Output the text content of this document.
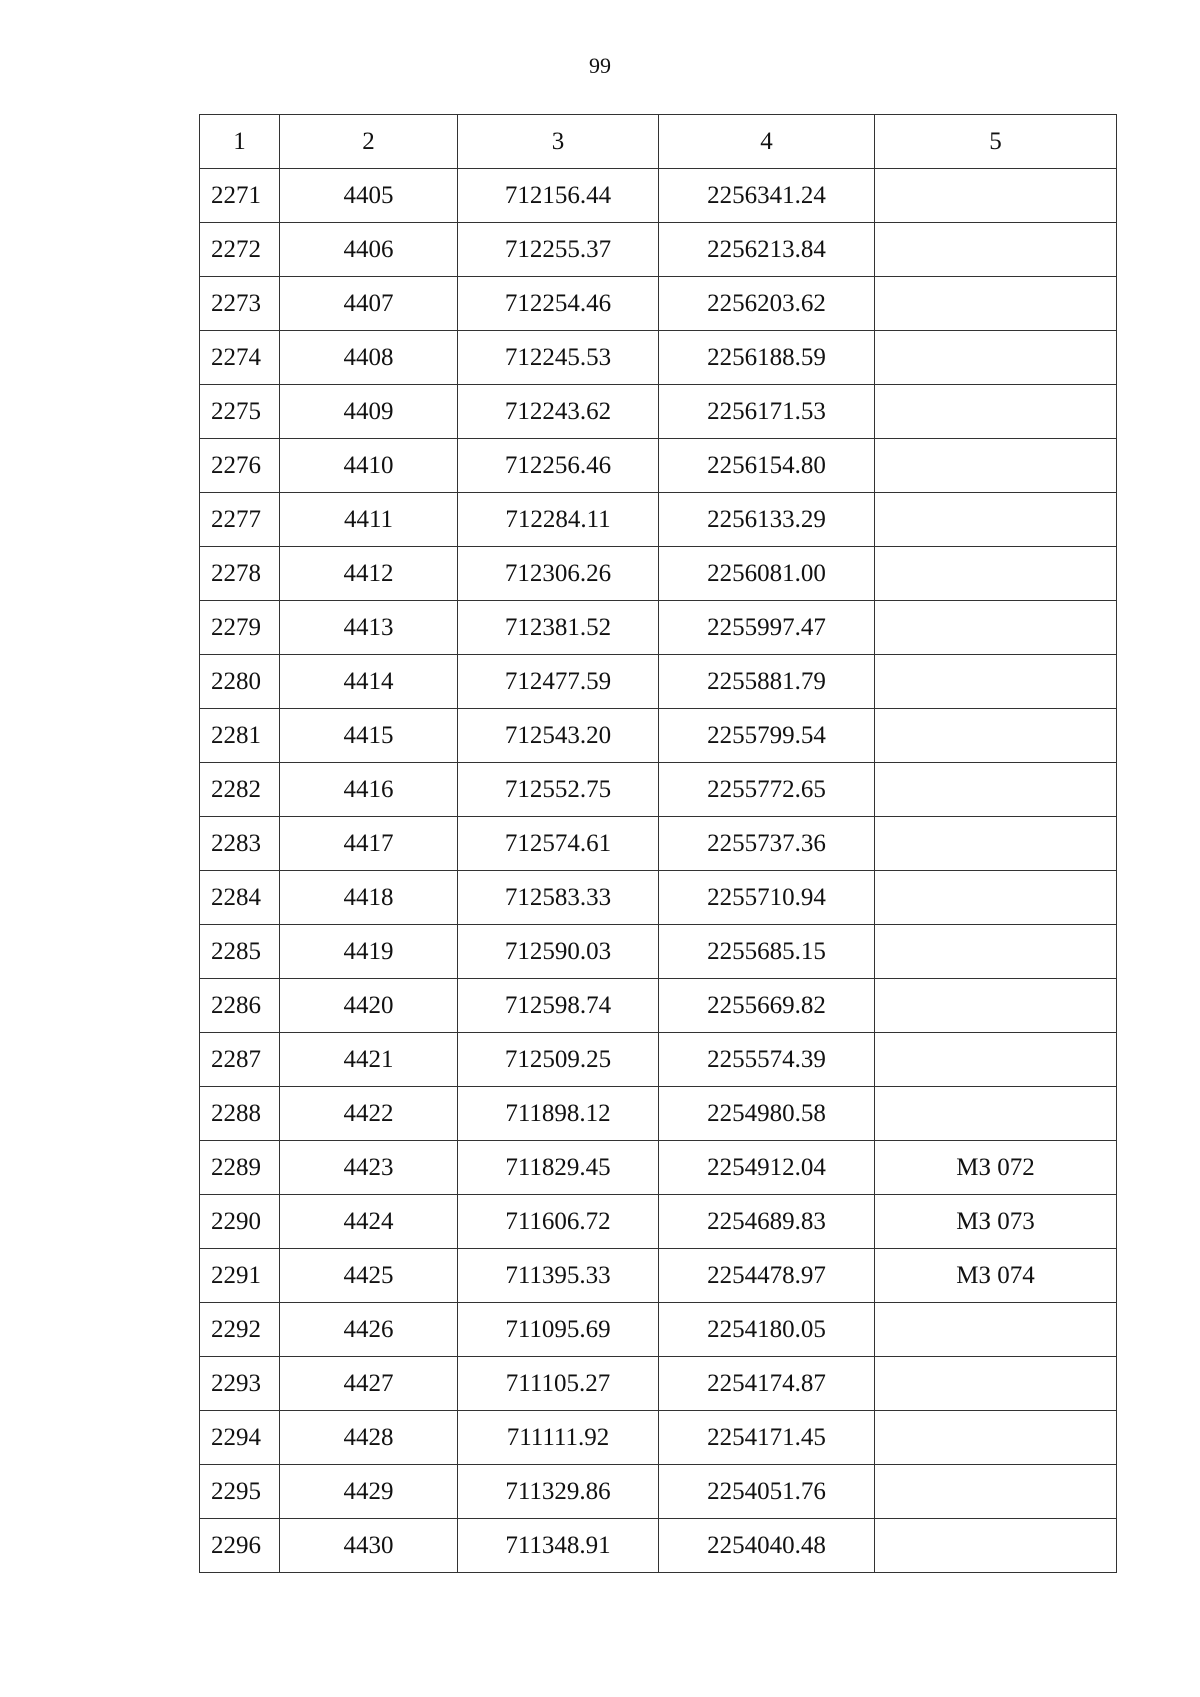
99
1	2	3	4	5
2271	4405	712156.44	2256341.24	
2272	4406	712255.37	2256213.84	
2273	4407	712254.46	2256203.62	
2274	4408	712245.53	2256188.59	
2275	4409	712243.62	2256171.53	
2276	4410	712256.46	2256154.80	
2277	4411	712284.11	2256133.29	
2278	4412	712306.26	2256081.00	
2279	4413	712381.52	2255997.47	
2280	4414	712477.59	2255881.79	
2281	4415	712543.20	2255799.54	
2282	4416	712552.75	2255772.65	
2283	4417	712574.61	2255737.36	
2284	4418	712583.33	2255710.94	
2285	4419	712590.03	2255685.15	
2286	4420	712598.74	2255669.82	
2287	4421	712509.25	2255574.39	
2288	4422	711898.12	2254980.58	
2289	4423	711829.45	2254912.04	МЗ 072
2290	4424	711606.72	2254689.83	МЗ 073
2291	4425	711395.33	2254478.97	МЗ 074
2292	4426	711095.69	2254180.05	
2293	4427	711105.27	2254174.87	
2294	4428	711111.92	2254171.45	
2295	4429	711329.86	2254051.76	
2296	4430	711348.91	2254040.48	
